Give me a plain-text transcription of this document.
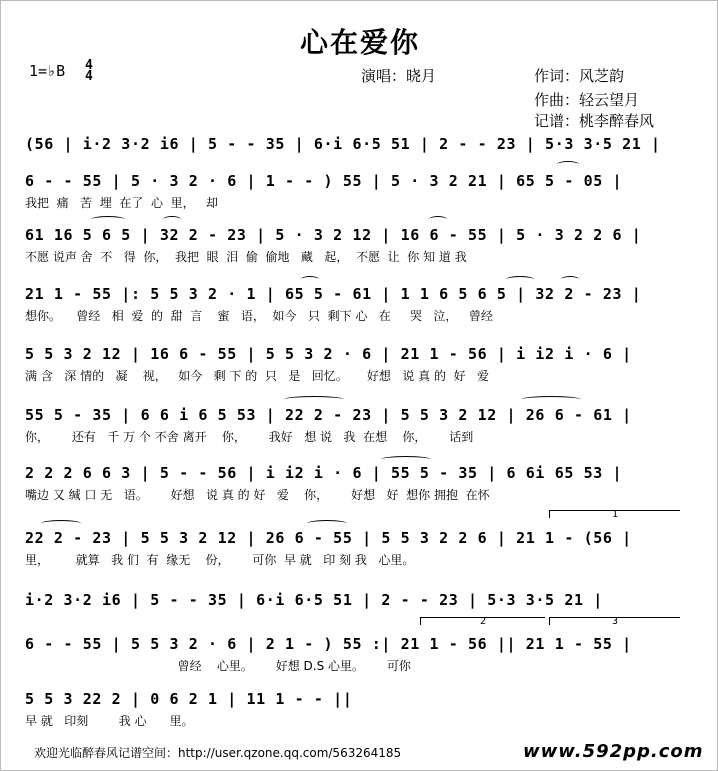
心在爱你
1=♭B 4
4	演唱：晓月	作词：风芝韵
作曲：轻云望月
记谱：桃李醉春风
(56 | i·2 3·2 i6 | 5 - - 35 | 6·i 6·5 51 | 2 - - 23 | 5·3 3·5 21 |
6 - - 55 | 5 · 3 2 · 6 | 1 - - ) 55 | 5 · 3 2 21 | 65 5 - 05 |
我把  痛   苦  埋  在了  心  里，   却
61 16 5 6 5 | 32 2 - 23 | 5 · 3 2 12 | 16 6 - 55 | 5 · 3 2 2 6 |
不愿 说声 舍  不   得  你，  我把  眼  泪  偷  偷地   藏   起，  不愿  让  你 知 道 我
21 1 - 55 |: 5 5 3 2 · 1 | 65 5 - 61 | 1 1 6 5 6 5 | 32 2 - 23 |
想你。    曾经   相  爱  的  甜  言    蜜   语，  如今   只  剩下 心   在     哭   泣，   曾经
5 5 3 2 12 | 16 6 - 55 | 5 5 3 2 · 6 | 21 1 - 56 | i i2 i · 6 |
满 含   深 情的   凝    视，   如今   剩 下 的  只   是   回忆。     好想   说 真 的  好   爱
55 5 - 35 | 6 6 i 6 5 53 | 22 2 - 23 | 5 5 3 2 12 | 26 6 - 61 |
你，      还有   千 万 个 不舍 离开    你，      我好   想 说   我  在想    你，      话到
2 2 2 6 6 3 | 5 - - 56 | i i2 i · 6 | 55 5 - 35 | 6 6i 65 53 |
嘴边 又 缄 口 无   语。      好想   说 真 的 好   爱    你，      好想   好  想你 拥抱  在怀
22 2 - 23 | 5 5 3 2 12 | 26 6 - 55 | 5 5 3 2 2 6 | 21 1 - (56 |
里，       就算   我 们  有  缘无    份，      可你  早 就   印 刻 我   心里。
i·2 3·2 i6 | 5 - - 35 | 6·i 6·5 51 | 2 - - 23 | 5·3 3·5 21 |
6 - - 55 | 5 5 3 2 · 6 | 2 1 - ) 55 :| 21 1 - 56 || 21 1 - 55 |
曾经    心里。      好想 D.S 心里。      可你
5 5 3 22 2 | 0 6 2 1 | 11 1 - - ||
早 就   印刻        我 心      里。
1
2	3
欢迎光临醉春风记谱空间：http://user.qzone.qq.com/563264185	www.592pp.com
